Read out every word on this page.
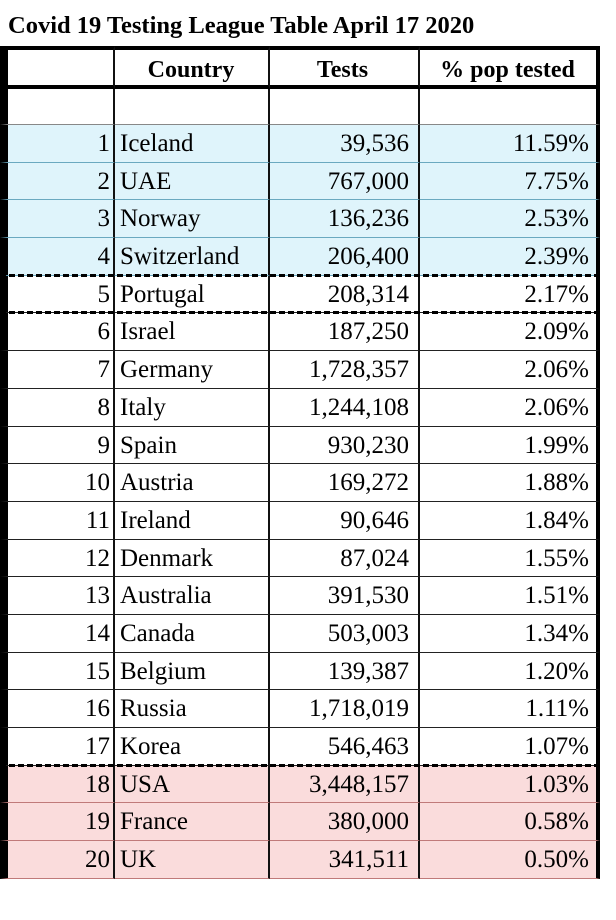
Covid 19 Testing League Table April 17 2020
Country	Tests	% pop tested
1 Iceland	39,536	11.59%
2 UAE	767,000	7.75%
3 Norway	136,236	2.53%
4 Switzerland	206,400	2.39%
5 Portugal	208,314	2.17%
6 Israel	187,250	2.09%
7 Germany	1,728,357	2.06%
8 Italy	1,244,108	2.06%
9 Spain	930,230	1.99%
10 Austria	169,272	1.88%
11 Ireland	90,646	1.84%
12 Denmark	87,024	1.55%
13 Australia	391,530	1.51%
14 Canada	503,003	1.34%
15 Belgium	139,387	1.20%
16 Russia	1,718,019	1.11%
17 Korea	546,463	1.07%
18 USA	3,448,157	1.03%
19 France	380,000	0.58%
20 UK	341,511	0.50%
